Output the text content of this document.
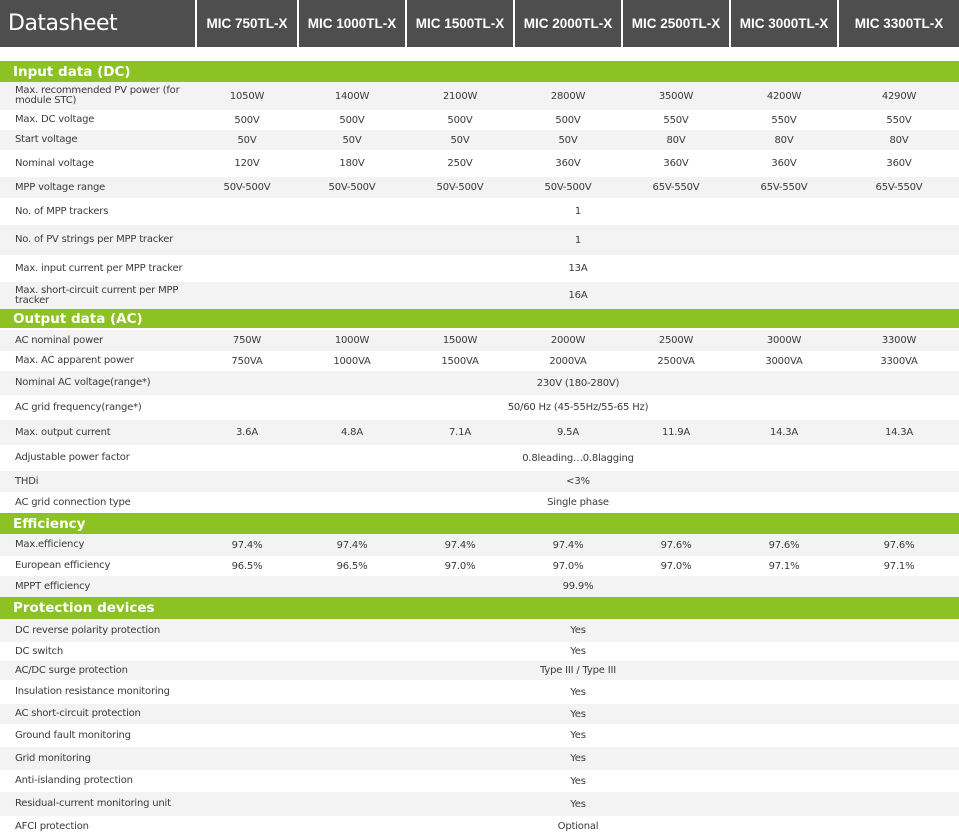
Datasheet	MIC 750TL-X	MIC 1000TL-X	MIC 1500TL-X	MIC 2000TL-X	MIC 2500TL-X	MIC 3000TL-X	MIC 3300TL-X
Input data (DC)
Max. recommended PV power (for module STC)	1050W	1400W	2100W	2800W	3500W	4200W	4290W
Max. DC voltage	500V	500V	500V	500V	550V	550V	550V
Start voltage	50V	50V	50V	50V	80V	80V	80V
Nominal voltage	120V	180V	250V	360V	360V	360V	360V
MPP voltage range	50V-500V	50V-500V	50V-500V	50V-500V	65V-550V	65V-550V	65V-550V
No. of MPP trackers	1
No. of PV strings per MPP tracker	1
Max. input current per MPP tracker	13A
Max. short-circuit current per MPP tracker	16A
Output data (AC)
AC nominal power	750W	1000W	1500W	2000W	2500W	3000W	3300W
Max. AC apparent power	750VA	1000VA	1500VA	2000VA	2500VA	3000VA	3300VA
Nominal AC voltage(range*)	230V (180-280V)
AC grid frequency(range*)	50/60 Hz (45-55Hz/55-65 Hz)
Max. output current	3.6A	4.8A	7.1A	9.5A	11.9A	14.3A	14.3A
Adjustable power factor	0.8leading…0.8lagging
THDi	<3%
AC grid connection type	Single phase
Efficiency
Max.efficiency	97.4%	97.4%	97.4%	97.4%	97.6%	97.6%	97.6%
European efficiency	96.5%	96.5%	97.0%	97.0%	97.0%	97.1%	97.1%
MPPT efficiency	99.9%
Protection devices
DC reverse polarity protection	Yes
DC switch	Yes
AC/DC surge protection	Type III / Type III
Insulation resistance monitoring	Yes
AC short-circuit protection	Yes
Ground fault monitoring	Yes
Grid monitoring	Yes
Anti-islanding protection	Yes
Residual-current monitoring unit	Yes
AFCI protection	Optional
